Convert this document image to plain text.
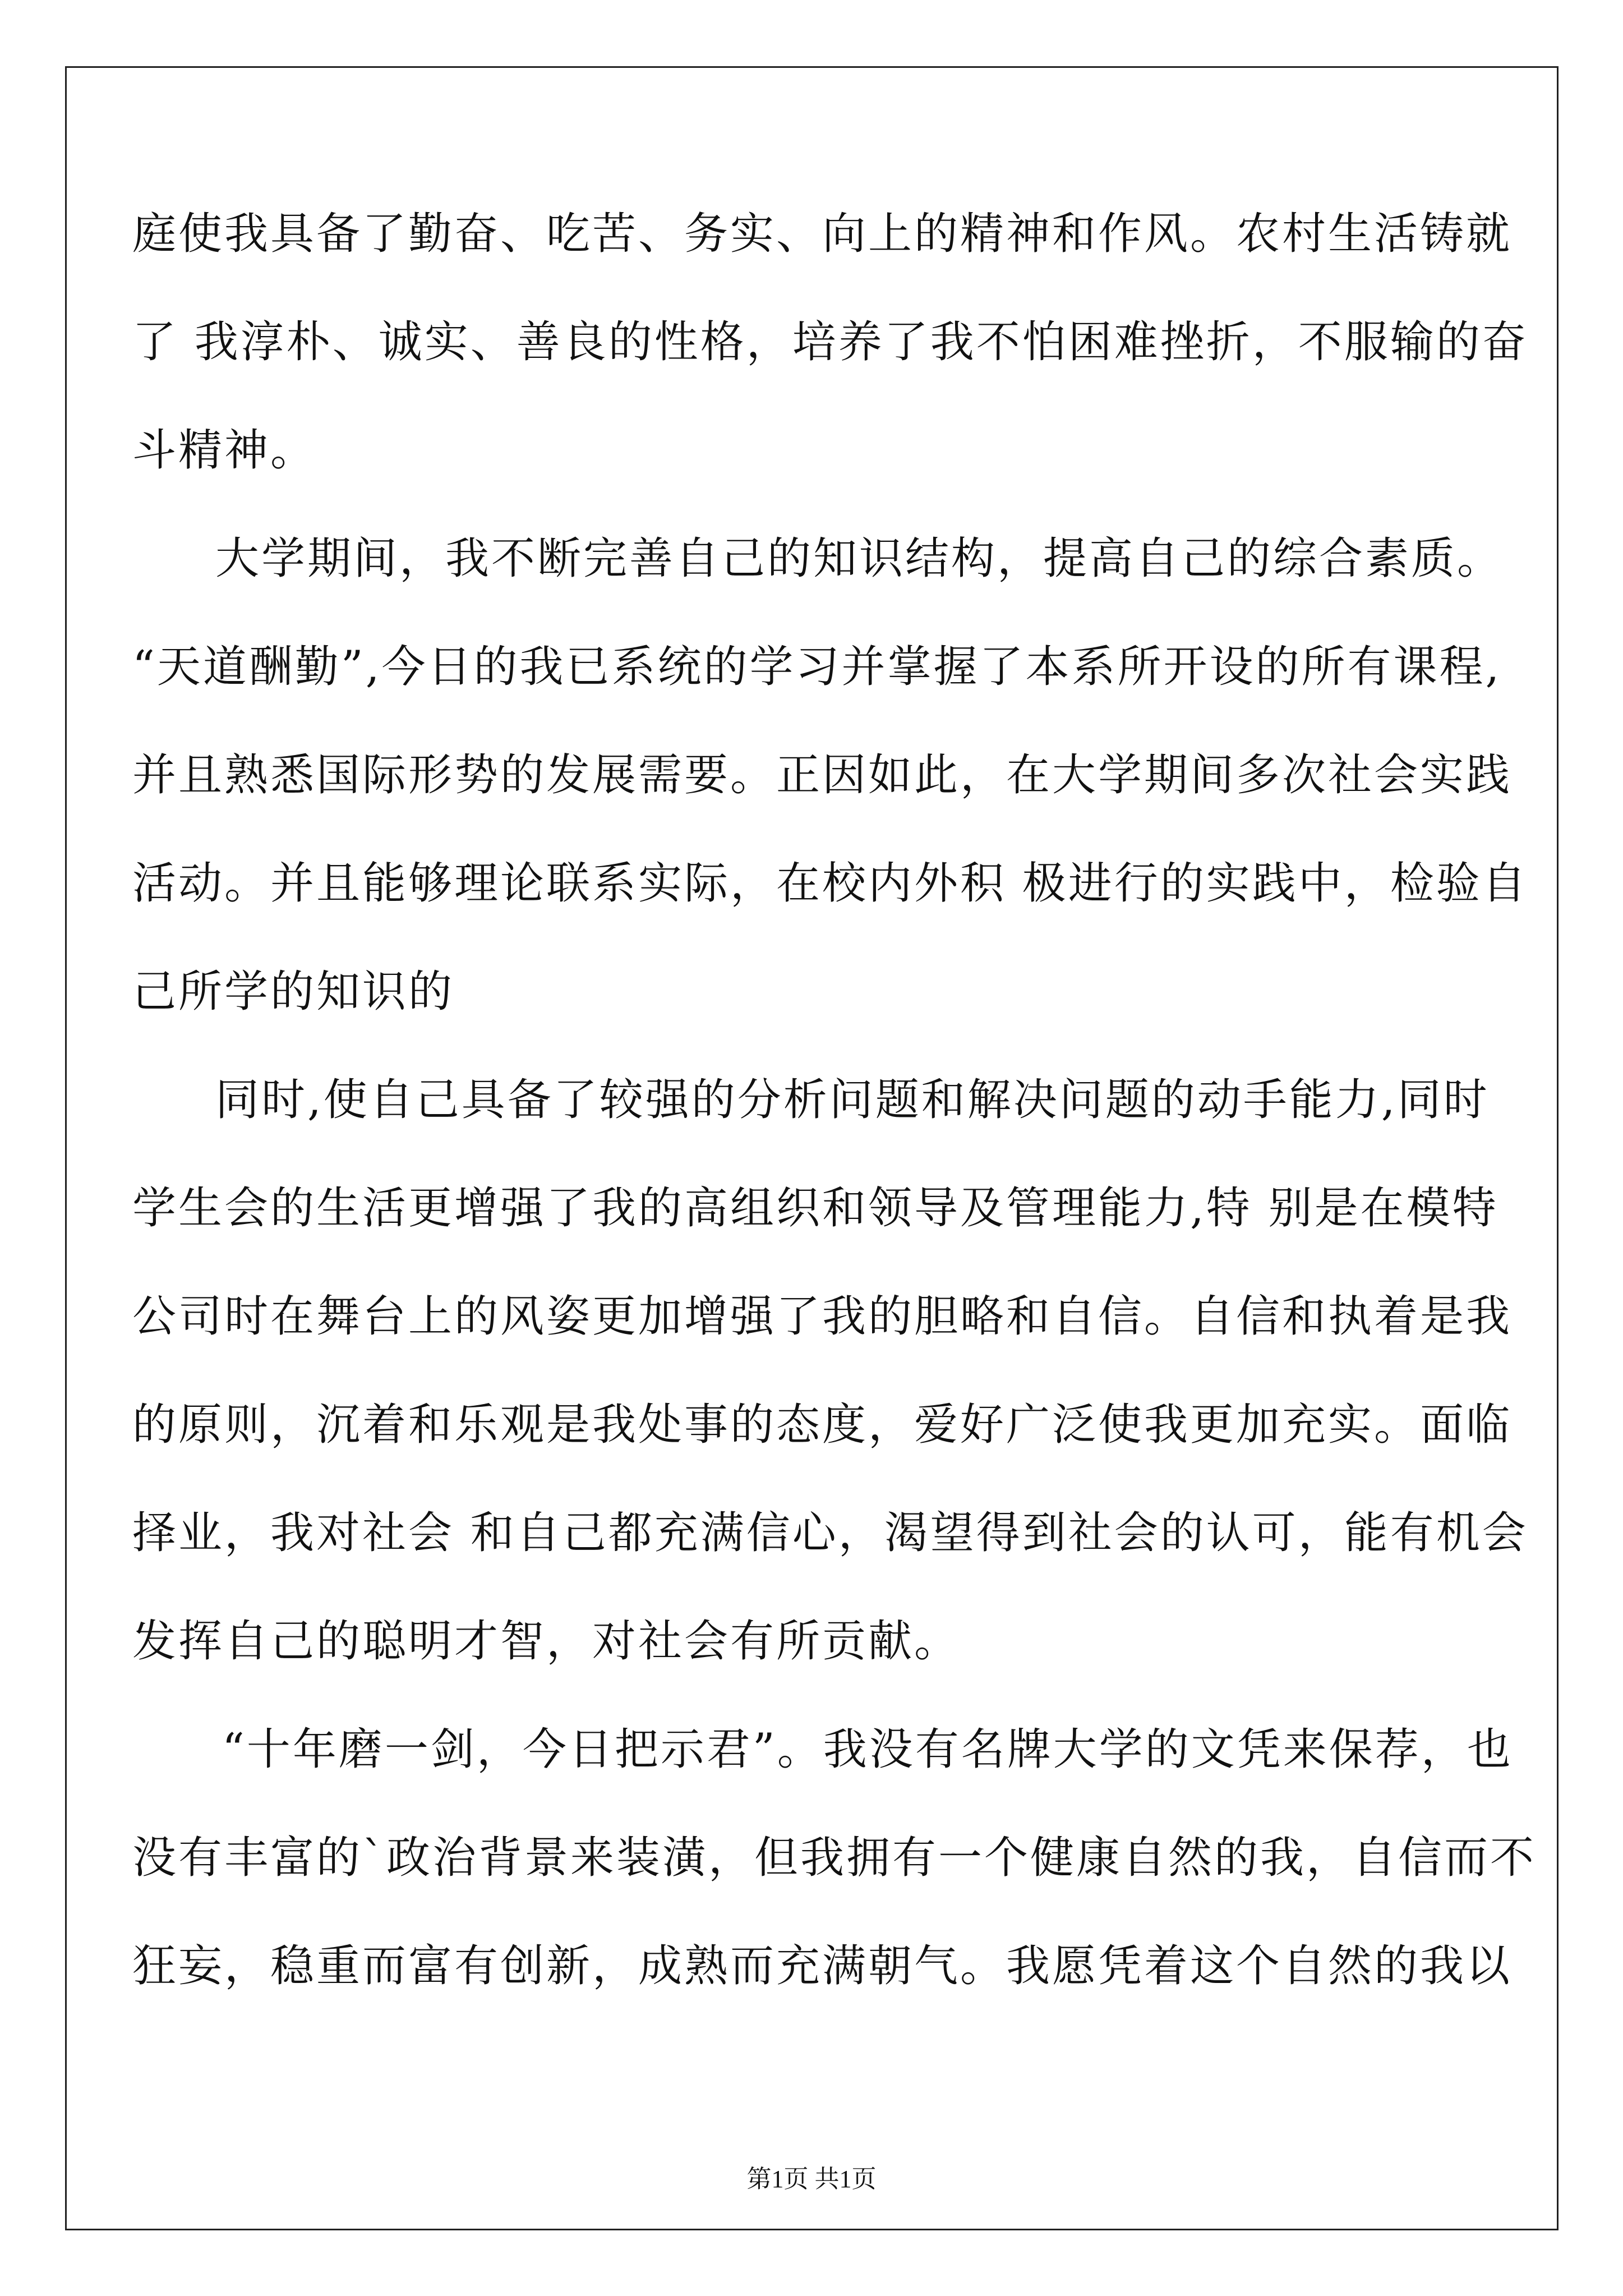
庭使我具备了勤奋、吃苦、务实、向上的精神和作风。农村生活铸就
了 我淳朴、诚实、善良的性格，培养了我不怕困难挫折，不服输的奋
斗精神。
大学期间，我不断完善自己的知识结构，提高自己的综合素质。
“天道酬勤”,今日的我已系统的学习并掌握了本系所开设的所有课程,
并且熟悉国际形势的发展需要。正因如此，在大学期间多次社会实践
活动。并且能够理论联系实际，在校内外积 极进行的实践中，检验自
己所学的知识的
同时,使自己具备了较强的分析问题和解决问题的动手能力,同时
学生会的生活更增强了我的高组织和领导及管理能力,特 别是在模特
公司时在舞台上的风姿更加增强了我的胆略和自信。自信和执着是我
的原则，沉着和乐观是我处事的态度，爱好广泛使我更加充实。面临
择业，我对社会 和自己都充满信心，渴望得到社会的认可，能有机会
发挥自己的聪明才智，对社会有所贡献。
“十年磨一剑，今日把示君”。我没有名牌大学的文凭来保荐，也
没有丰富的`政治背景来装潢，但我拥有一个健康自然的我，自信而不
狂妄，稳重而富有创新，成熟而充满朝气。我愿凭着这个自然的我以
第1页 共1页
